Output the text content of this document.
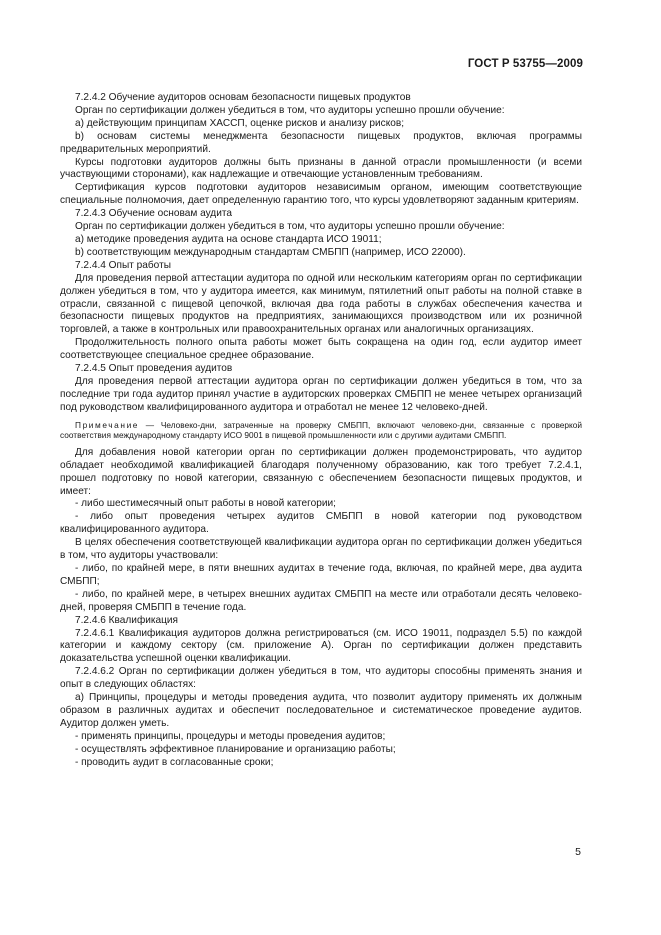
ГОСТ Р 53755—2009

7.2.4.2 Обучение аудиторов основам безопасности пищевых продуктов

Орган по сертификации должен убедиться в том, что аудиторы успешно прошли обучение:

а) действующим принципам ХАССП, оценке рисков и анализу рисков;

b) основам системы менеджмента безопасности пищевых продуктов, включая программы предварительных мероприятий.

Курсы подготовки аудиторов должны быть признаны в данной отрасли промышленности (и всеми участвующими сторонами), как надлежащие и отвечающие установленным требованиям.

Сертификация курсов подготовки аудиторов независимым органом, имеющим соответствующие специальные полномочия, дает определенную гарантию того, что курсы удовлетворяют заданным критериям.

7.2.4.3 Обучение основам аудита

Орган по сертификации должен убедиться в том, что аудиторы успешно прошли обучение:

а) методике проведения аудита на основе стандарта ИСО 19011;

b) соответствующим международным стандартам СМБПП (например, ИСО 22000).

7.2.4.4 Опыт работы

Для проведения первой аттестации аудитора по одной или нескольким категориям орган по сертификации должен убедиться в том, что у аудитора имеется, как минимум, пятилетний опыт работы на полной ставке в отрасли, связанной с пищевой цепочкой, включая два года работы в службах обеспечения качества и безопасности пищевых продуктов на предприятиях, занимающихся производством или их розничной торговлей, а также в контрольных или правоохранительных органах или аналогичных организациях.

Продолжительность полного опыта работы может быть сокращена на один год, если аудитор имеет соответствующее специальное среднее образование.

7.2.4.5 Опыт проведения аудитов

Для проведения первой аттестации аудитора орган по сертификации должен убедиться в том, что за последние три года аудитор принял участие в аудиторских проверках СМБПП не менее четырех организаций под руководством квалифицированного аудитора и отработал не менее 12 человеко-дней.

Примечание — Человеко-дни, затраченные на проверку СМБПП, включают человеко-дни, связанные с проверкой соответствия международному стандарту ИСО 9001 в пищевой промышленности или с другими аудитами СМБПП.

Для добавления новой категории орган по сертификации должен продемонстрировать, что аудитор обладает необходимой квалификацией благодаря полученному образованию, как того требует 7.2.4.1, прошел подготовку по новой категории, связанную с обеспечением безопасности пищевых продуктов, и имеет:

- либо шестимесячный опыт работы в новой категории;

- либо опыт проведения четырех аудитов СМБПП в новой категории под руководством квалифицированного аудитора.

В целях обеспечения соответствующей квалификации аудитора орган по сертификации должен убедиться в том, что аудиторы участвовали:

- либо, по крайней мере, в пяти внешних аудитах в течение года, включая, по крайней мере, два аудита СМБПП;

- либо, по крайней мере, в четырех внешних аудитах СМБПП на месте или отработали десять человеко-дней, проверяя СМБПП в течение года.

7.2.4.6 Квалификация

7.2.4.6.1 Квалификация аудиторов должна регистрироваться (см. ИСО 19011, подраздел 5.5) по каждой категории и каждому сектору (см. приложение А). Орган по сертификации должен представить доказательства успешной оценки квалификации.

7.2.4.6.2 Орган по сертификации должен убедиться в том, что аудиторы способны применять знания и опыт в следующих областях:

а) Принципы, процедуры и методы проведения аудита, что позволит аудитору применять их должным образом в различных аудитах и обеспечит последовательное и систематическое проведение аудитов. Аудитор должен уметь.

- применять принципы, процедуры и методы проведения аудитов;

- осуществлять эффективное планирование и организацию работы;

- проводить аудит в согласованные сроки;

5
